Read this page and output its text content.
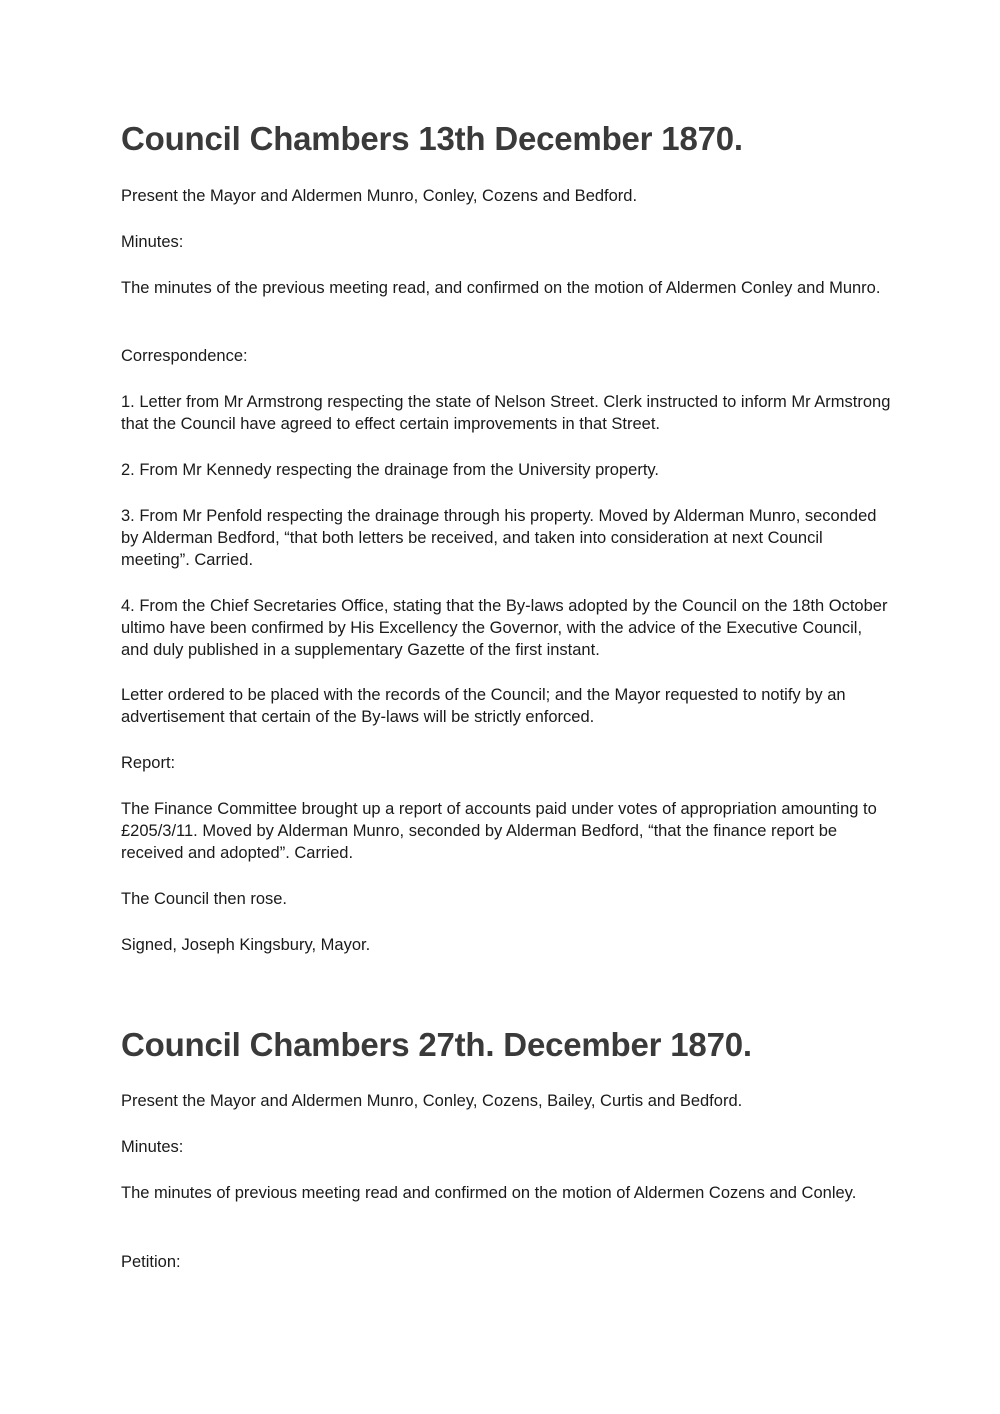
Council Chambers 13th December 1870.

Present the Mayor and Aldermen Munro, Conley, Cozens and Bedford.

Minutes:

The minutes of the previous meeting read, and confirmed on the motion of Aldermen Conley and Munro.

Correspondence:

1. Letter from Mr Armstrong respecting the state of Nelson Street. Clerk instructed to inform Mr Armstrong that the Council have agreed to effect certain improvements in that Street.

2. From Mr Kennedy respecting the drainage from the University property.

3. From Mr Penfold respecting the drainage through his property. Moved by Alderman Munro, seconded by Alderman Bedford, “that both letters be received, and taken into consideration at next Council meeting”. Carried.

4. From the Chief Secretaries Office, stating that the By-laws adopted by the Council on the 18th October ultimo have been confirmed by His Excellency the Governor, with the advice of the Executive Council, and duly published in a supplementary Gazette of the first instant.

Letter ordered to be placed with the records of the Council; and the Mayor requested to notify by an advertisement that certain of the By-laws will be strictly enforced.

Report:

The Finance Committee brought up a report of accounts paid under votes of appropriation amounting to £205/3/11. Moved by Alderman Munro, seconded by Alderman Bedford, “that the finance report be received and adopted”. Carried.

The Council then rose.

Signed, Joseph Kingsbury, Mayor.

Council Chambers 27th. December 1870.

Present the Mayor and Aldermen Munro, Conley, Cozens, Bailey, Curtis and Bedford.

Minutes:

The minutes of previous meeting read and confirmed on the motion of Aldermen Cozens and Conley.

Petition:
